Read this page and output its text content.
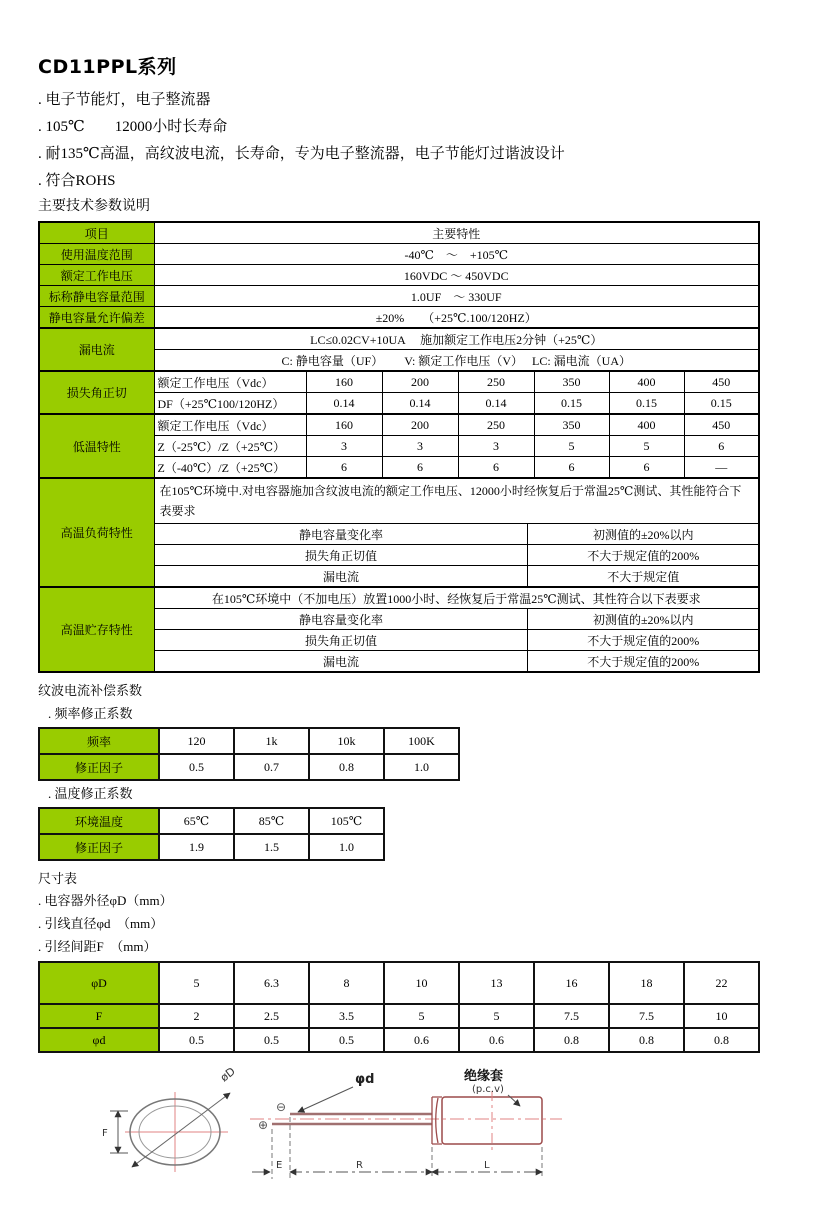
CD11PPL系列
. 电子节能灯，电子整流器
. 105℃　　12000小时长寿命
. 耐135℃高温，高纹波电流，长寿命，专为电子整流器，电子节能灯过谐波设计
. 符合ROHS
主要技术参数说明
项目	主要特性						
使用温度范围	-40℃　～　+105℃						
额定工作电压	160VDC ～ 450VDC						
标称静电容量范围	1.0UF　～ 330UF						
静电容量允许偏差	±20%　　（+25℃.100/120HZ）						
漏电流	LC≤0.02CV+10UA　 施加额定工作电压2分钟（+25℃）						
	C: 静电容量（UF）　　 V: 额定工作电压（V）　 LC: 漏电流（UA）						
损失角正切	额定工作电压（Vdc）	160	200	250	350	400	450
	DF（+25℃100/120HZ）	0.14	0.14	0.14	0.15	0.15	0.15
低温特性	额定工作电压（Vdc）	160	200	250	350	400	450
	Z（-25℃）/Z（+25℃）	3	3	3	5	5	6
	Z（-40℃）/Z（+25℃）	6	6	6	6	6	—
高温负荷特性	在105℃环境中.对电容器施加含纹波电流的额定工作电压、12000小时经恢复后于常温25℃测试、其性能符合下表要求						

静电容量变化率 初测值的±20%以内						

损失角正切值 不大于规定值的200%						

漏电流 不大于规定值						

高温贮存特性	在105℃环境中（不加电压）放置1000小时、经恢复后于常温25℃测试、其性符合以下表要求						

静电容量变化率 初测值的±20%以内						

损失角正切值 不大于规定值的200%						

漏电流 不大于规定值的200%						
纹波电流补偿系数
. 频率修正系数
频率	120	1k	10k	100K
修正因子	0.5	0.7	0.8	1.0
. 温度修正系数
环境温度	65℃	85℃	105℃
修正因子	1.9	1.5	1.0
尺寸表
. 电容器外径φD（mm）
. 引线直径φd　（mm）
. 引经间距F　（mm）
φD	5	6.3	8	10	13	16	18	22
F	2	2.5	3.5	5	5	7.5	7.5	10
φd	0.5	0.5	0.5	0.6	0.6	0.8	0.8	0.8
øD
F
⊖
⊕
φd	绝缘套
(p.c.v)
E	R	L
